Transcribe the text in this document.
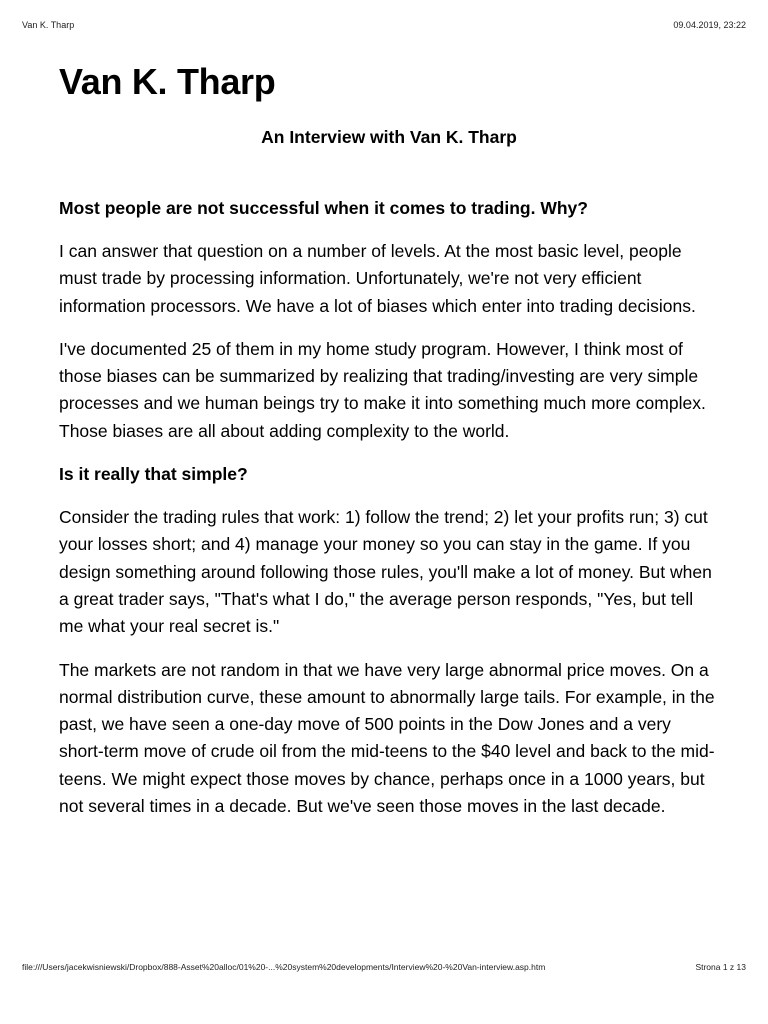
Van K. Tharp	09.04.2019, 23:22
Van K. Tharp
An Interview with Van K. Tharp

Most people are not successful when it comes to trading. Why?

I can answer that question on a number of levels. At the most basic level, people must trade by processing information. Unfortunately, we're not very efficient information processors. We have a lot of biases which enter into trading decisions.

I've documented 25 of them in my home study program. However, I think most of those biases can be summarized by realizing that trading/investing are very simple processes and we human beings try to make it into something much more complex. Those biases are all about adding complexity to the world.

Is it really that simple?

Consider the trading rules that work: 1) follow the trend; 2) let your profits run; 3) cut your losses short; and 4) manage your money so you can stay in the game. If you design something around following those rules, you'll make a lot of money. But when a great trader says, "That's what I do," the average person responds, "Yes, but tell me what your real secret is."

The markets are not random in that we have very large abnormal price moves. On a normal distribution curve, these amount to abnormally large tails. For example, in the past, we have seen a one-day move of 500 points in the Dow Jones and a very short-term move of crude oil from the mid-teens to the $40 level and back to the mid-teens. We might expect those moves by chance, perhaps once in a 1000 years, but not several times in a decade. But we've seen those moves in the last decade.

file:///Users/jacekwisniewski/Dropbox/888-Asset%20alloc/01%20-...%20system%20developments/Interview%20-%20Van-interview.asp.htm	Strona 1 z 13
